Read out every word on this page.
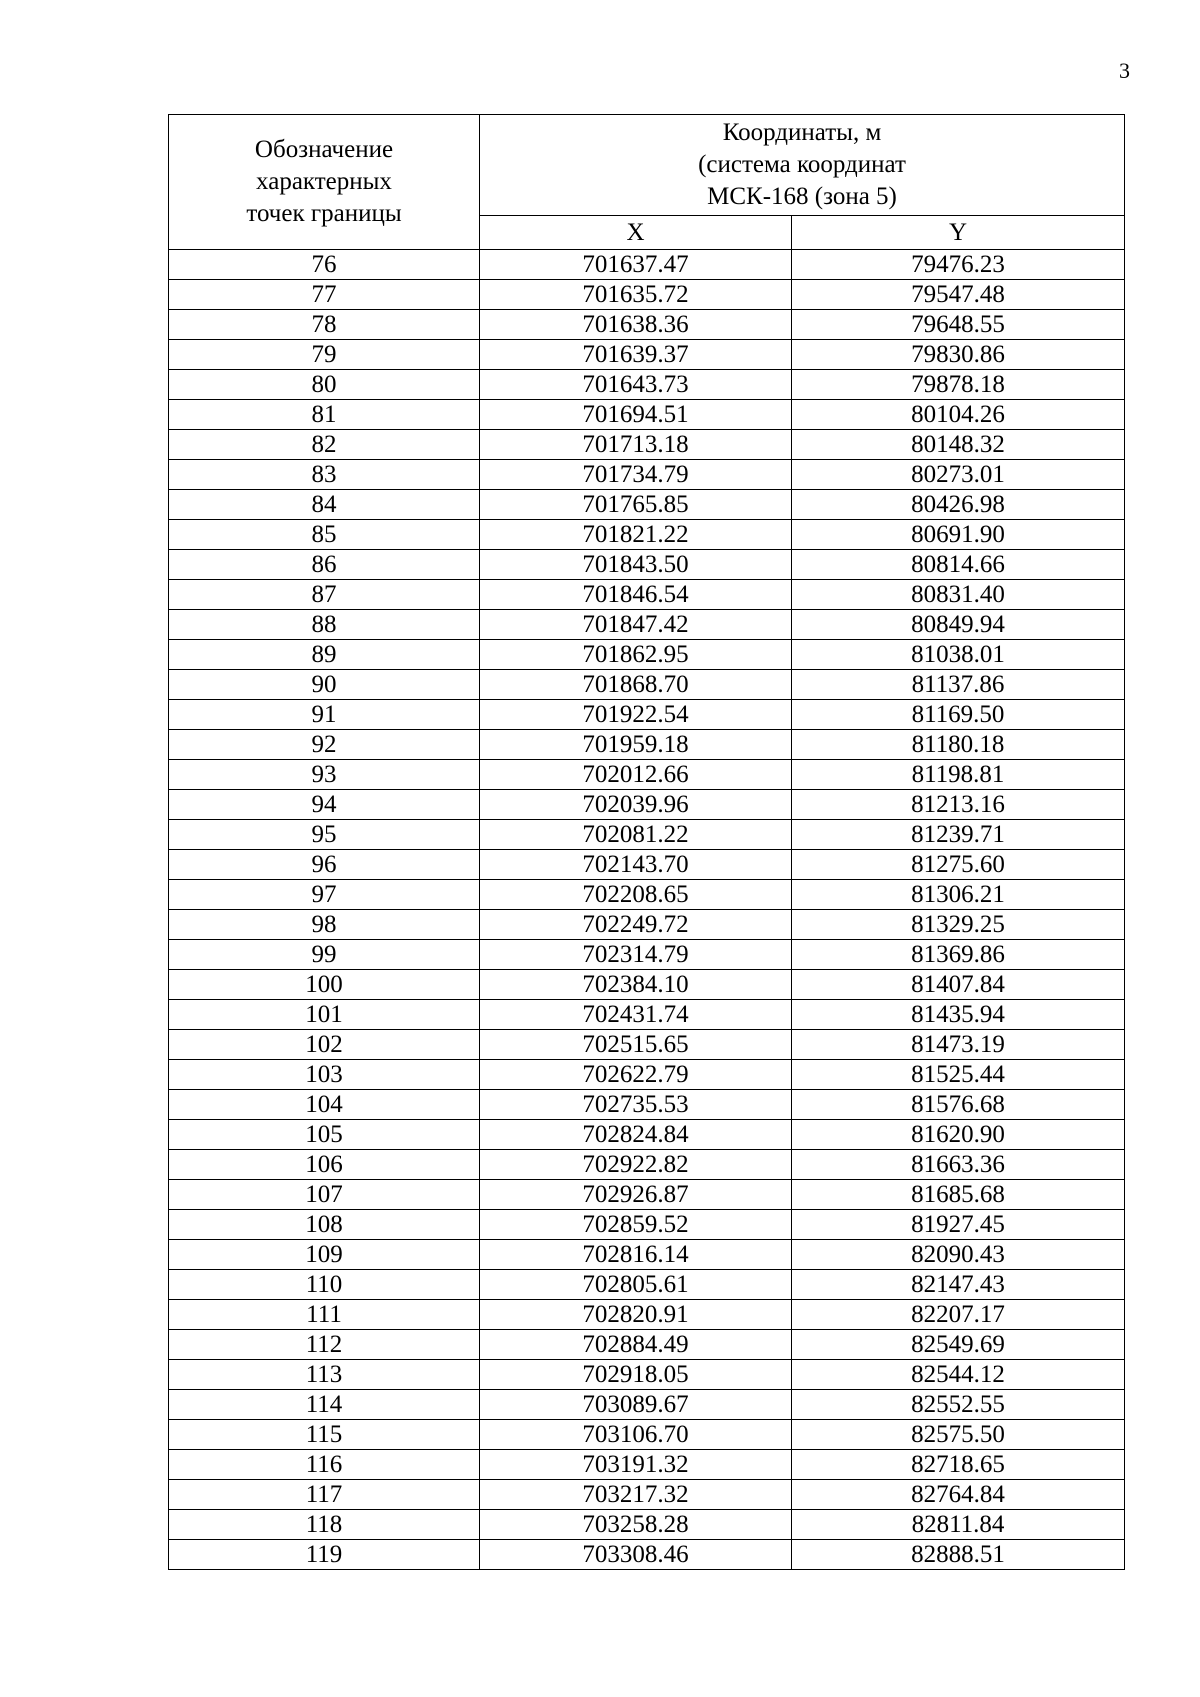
3
Обозначение
характерных
точек границы	Координаты, м
(система координат
МСК-168 (зона 5)	

	X	Y
76	701637.47	79476.23
77	701635.72	79547.48
78	701638.36	79648.55
79	701639.37	79830.86
80	701643.73	79878.18
81	701694.51	80104.26
82	701713.18	80148.32
83	701734.79	80273.01
84	701765.85	80426.98
85	701821.22	80691.90
86	701843.50	80814.66
87	701846.54	80831.40
88	701847.42	80849.94
89	701862.95	81038.01
90	701868.70	81137.86
91	701922.54	81169.50
92	701959.18	81180.18
93	702012.66	81198.81
94	702039.96	81213.16
95	702081.22	81239.71
96	702143.70	81275.60
97	702208.65	81306.21
98	702249.72	81329.25
99	702314.79	81369.86
100	702384.10	81407.84
101	702431.74	81435.94
102	702515.65	81473.19
103	702622.79	81525.44
104	702735.53	81576.68
105	702824.84	81620.90
106	702922.82	81663.36
107	702926.87	81685.68
108	702859.52	81927.45
109	702816.14	82090.43
110	702805.61	82147.43
111	702820.91	82207.17
112	702884.49	82549.69
113	702918.05	82544.12
114	703089.67	82552.55
115	703106.70	82575.50
116	703191.32	82718.65
117	703217.32	82764.84
118	703258.28	82811.84
119	703308.46	82888.51
